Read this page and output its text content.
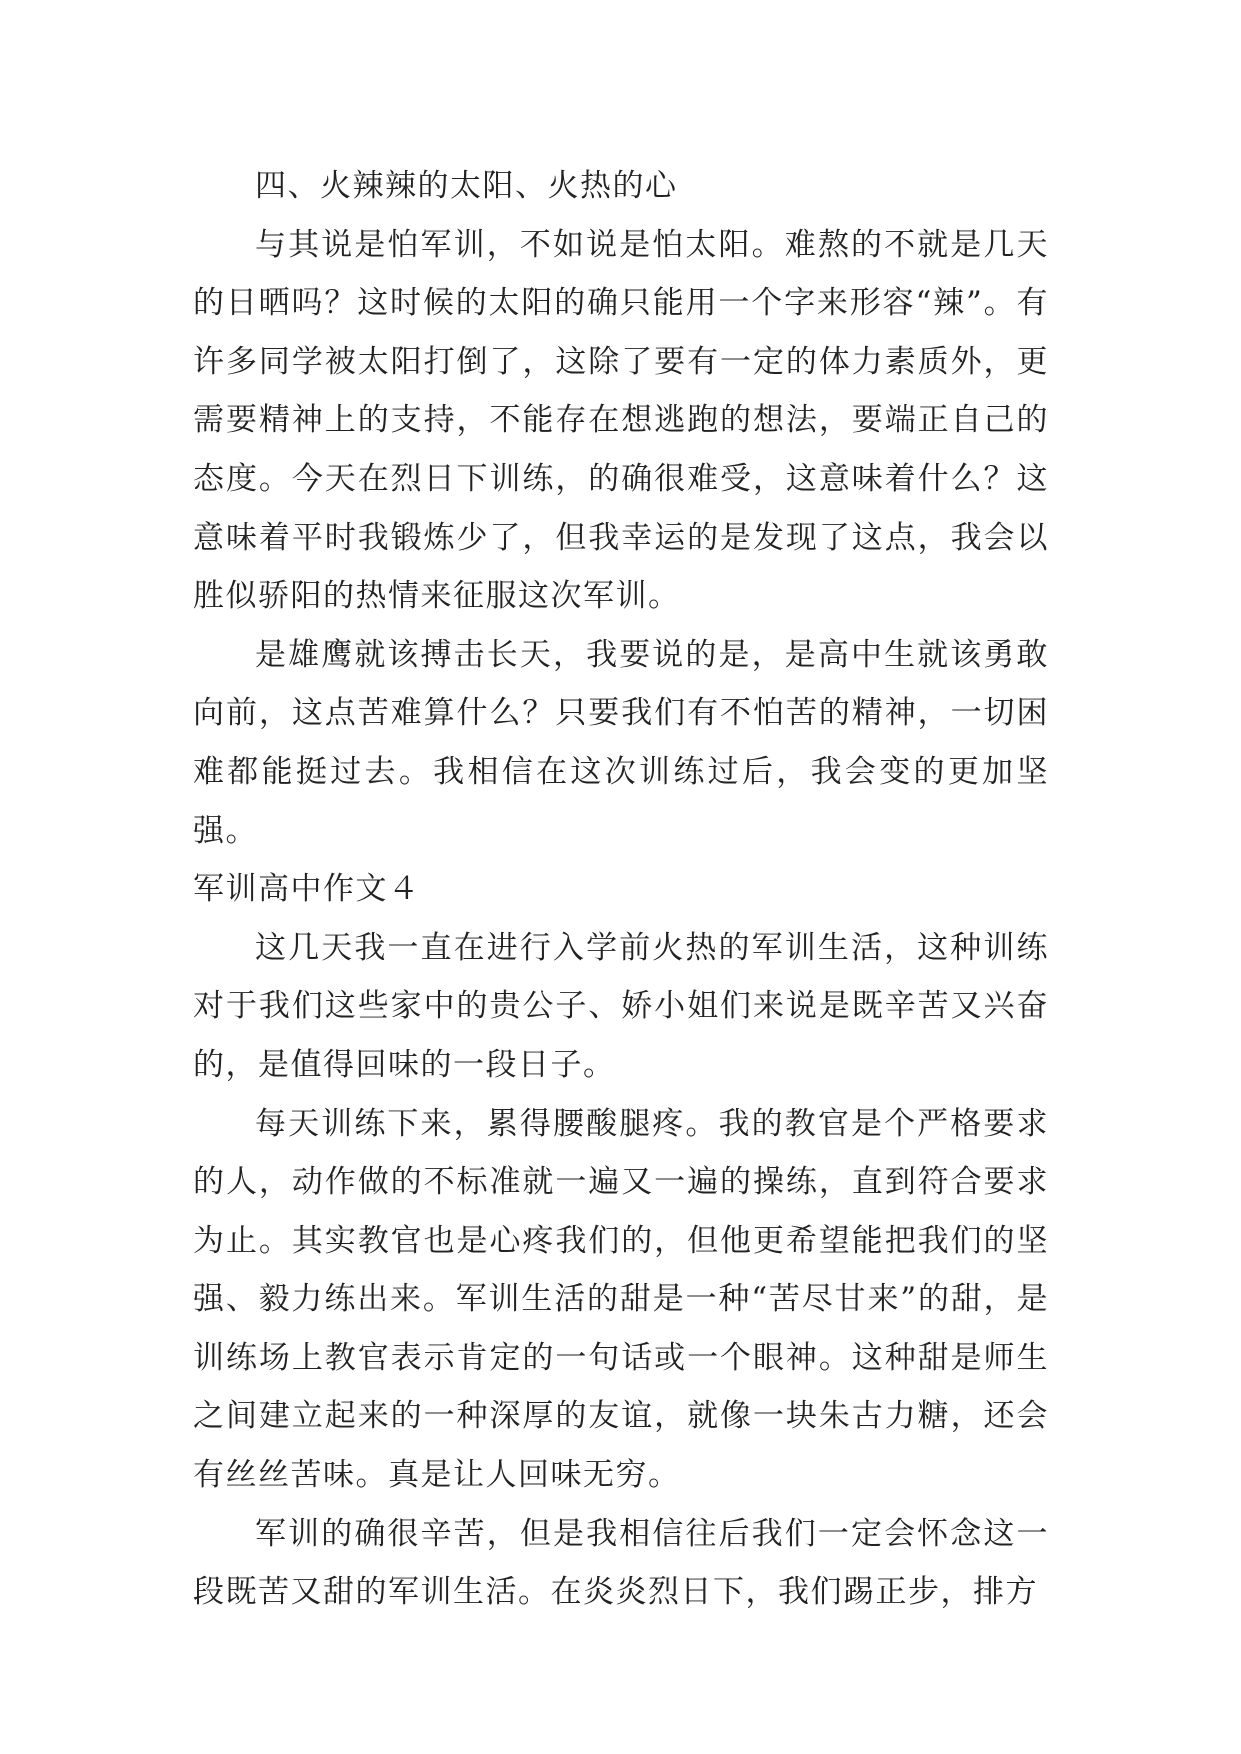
四、火辣辣的太阳、火热的心

与其说是怕军训，不如说是怕太阳。难熬的不就是几天的日晒吗？这时候的太阳的确只能用一个字来形容“辣”。有许多同学被太阳打倒了，这除了要有一定的体力素质外，更需要精神上的支持，不能存在想逃跑的想法，要端正自己的态度。今天在烈日下训练，的确很难受，这意味着什么？这意味着平时我锻炼少了，但我幸运的是发现了这点，我会以胜似骄阳的热情来征服这次军训。

是雄鹰就该搏击长天，我要说的是，是高中生就该勇敢向前，这点苦难算什么？只要我们有不怕苦的精神，一切困难都能挺过去。我相信在这次训练过后，我会变的更加坚强。

军训高中作文４

这几天我一直在进行入学前火热的军训生活，这种训练对于我们这些家中的贵公子、娇小姐们来说是既辛苦又兴奋的，是值得回味的一段日子。

每天训练下来，累得腰酸腿疼。我的教官是个严格要求的人，动作做的不标准就一遍又一遍的操练，直到符合要求为止。其实教官也是心疼我们的，但他更希望能把我们的坚强、毅力练出来。军训生活的甜是一种“苦尽甘来”的甜，是训练场上教官表示肯定的一句话或一个眼神。这种甜是师生之间建立起来的一种深厚的友谊，就像一块朱古力糖，还会有丝丝苦味。真是让人回味无穷。

军训的确很辛苦，但是我相信往后我们一定会怀念这一段既苦又甜的军训生活。在炎炎烈日下，我们踢正步，排方
